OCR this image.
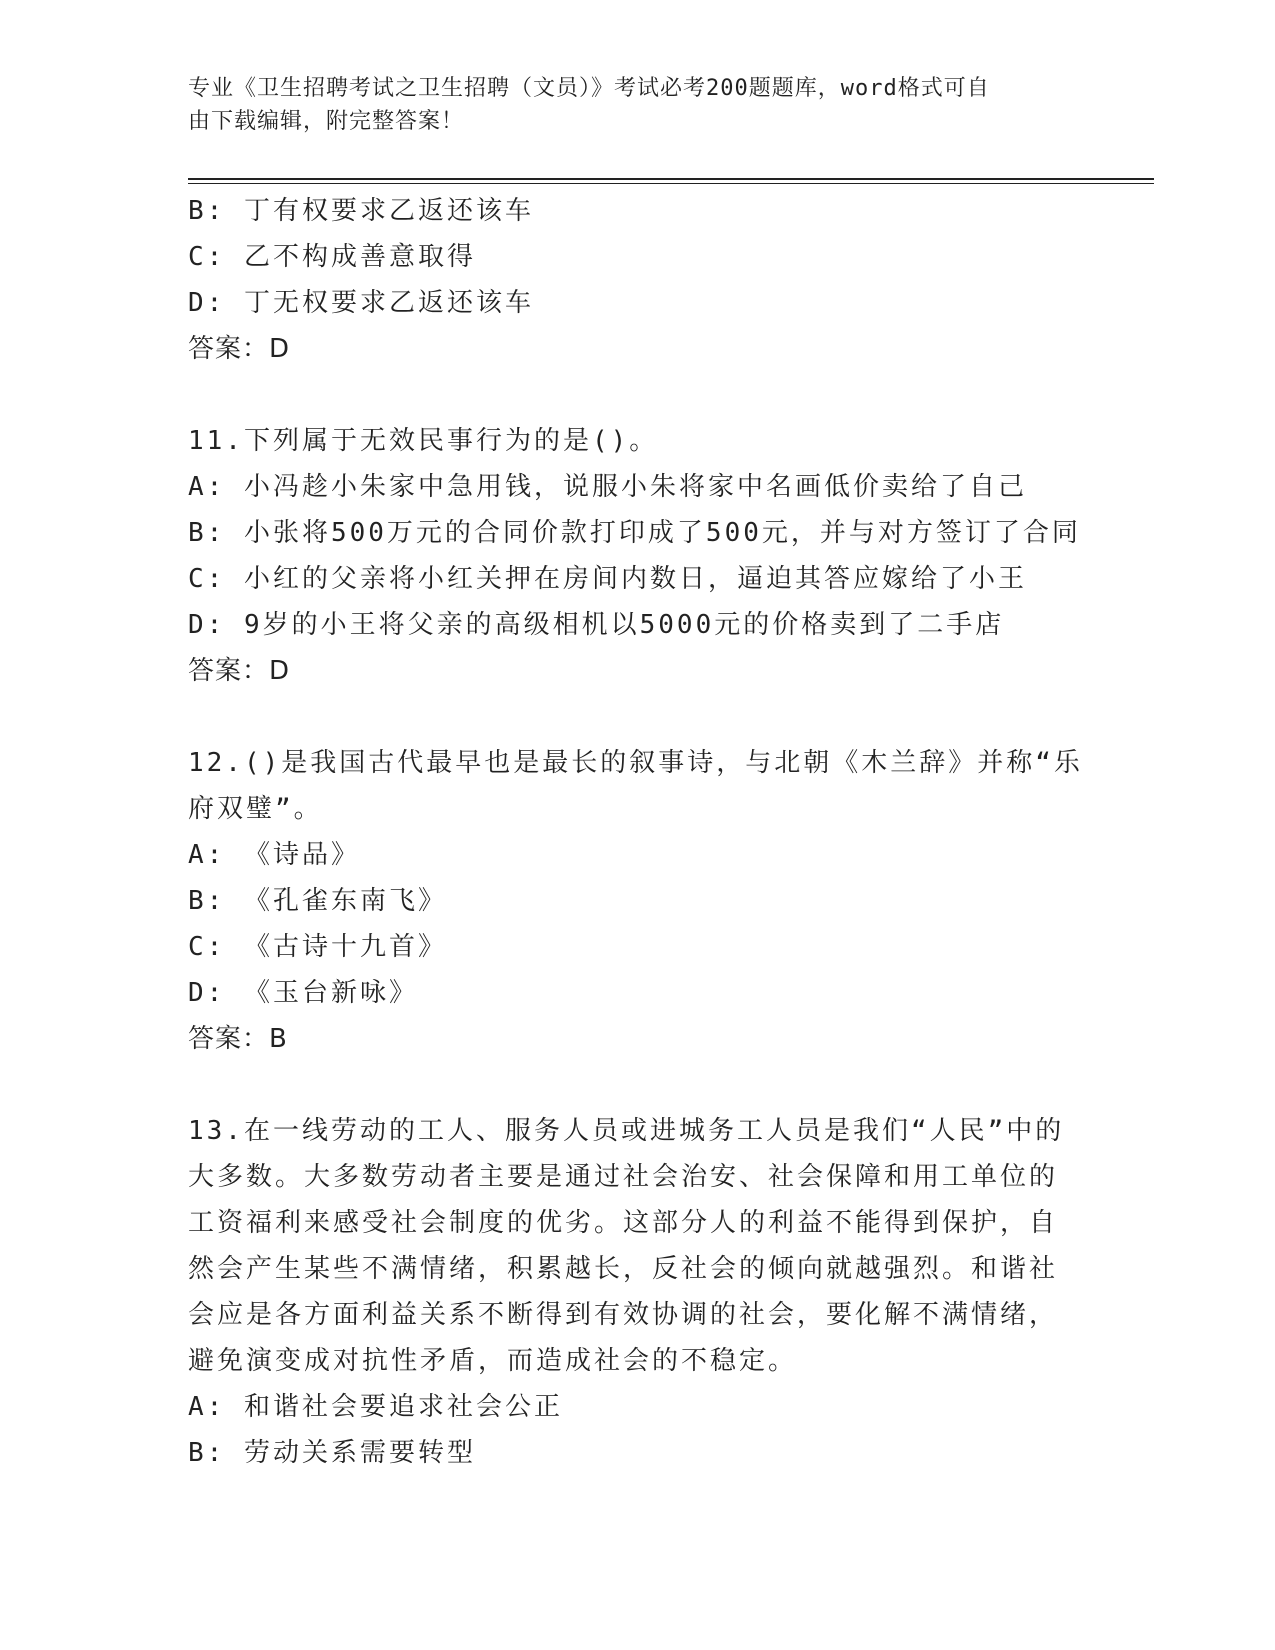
专业《卫生招聘考试之卫生招聘（文员）》考试必考200题题库，word格式可自
由下载编辑，附完整答案！
B: 丁有权要求乙返还该车
C: 乙不构成善意取得
D: 丁无权要求乙返还该车
答案：D
11.下列属于无效民事行为的是()。
A: 小冯趁小朱家中急用钱，说服小朱将家中名画低价卖给了自己
B: 小张将500万元的合同价款打印成了500元，并与对方签订了合同
C: 小红的父亲将小红关押在房间内数日，逼迫其答应嫁给了小王
D: 9岁的小王将父亲的高级相机以5000元的价格卖到了二手店
答案：D
12.()是我国古代最早也是最长的叙事诗，与北朝《木兰辞》并称“乐
府双璧”。
A: 《诗品》
B: 《孔雀东南飞》
C: 《古诗十九首》
D: 《玉台新咏》
答案：B
13.在一线劳动的工人、服务人员或进城务工人员是我们“人民”中的
大多数。大多数劳动者主要是通过社会治安、社会保障和用工单位的
工资福利来感受社会制度的优劣。这部分人的利益不能得到保护，自
然会产生某些不满情绪，积累越长，反社会的倾向就越强烈。和谐社
会应是各方面利益关系不断得到有效协调的社会，要化解不满情绪，
避免演变成对抗性矛盾，而造成社会的不稳定。
A: 和谐社会要追求社会公正
B: 劳动关系需要转型
